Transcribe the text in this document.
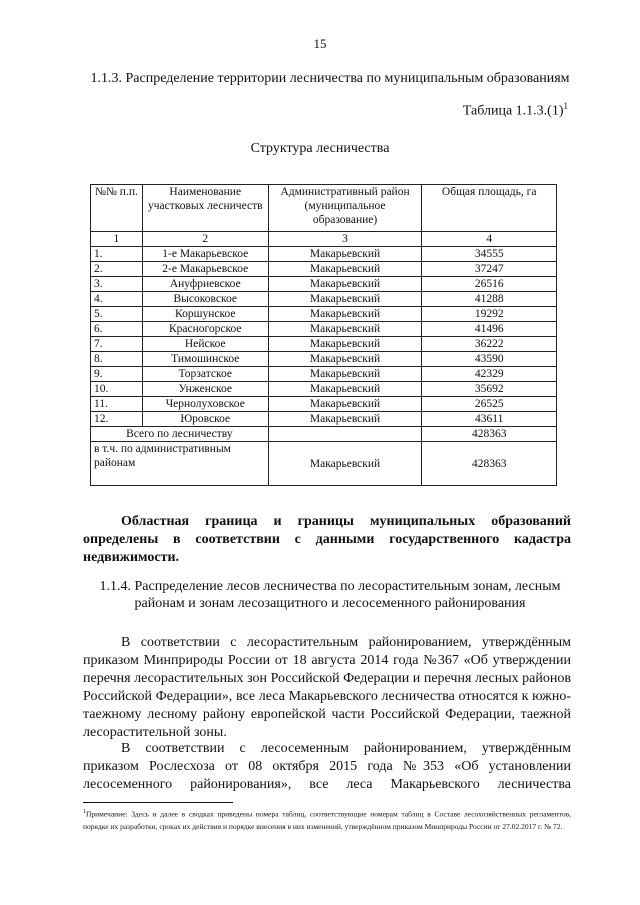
15
1.1.3. Распределение территории лесничества по муниципальным образованиям
Таблица $1.1.3.(1)^1$
Структура лесничества
№№ п.п.	Наименование участковых лесничеств	Административный район (муниципальное образование)	Общая площадь, га
1	2	3	4
1.	1-е Макарьевское	Макарьевский	34555
2.	2-е Макарьевское	Макарьевский	37247
3.	Ануфриевское	Макарьевский	26516
4.	Высоковское	Макарьевский	41288
5.	Коршунское	Макарьевский	19292
6.	Красногорское	Макарьевский	41496
7.	Нейское	Макарьевский	36222
8.	Тимошинское	Макарьевский	43590
9.	Торзатское	Макарьевский	42329
10.	Унженское	Макарьевский	35692
11.	Чернолуховское	Макарьевский	26525
12.	Юровское	Макарьевский	43611
Всего по лесничеству			428363
в т.ч. по административным районам		Макарьевский	428363
Областная граница и границы муниципальных образований определены в соответствии с данными государственного кадастра недвижимости.
1.1.4. Распределение лесов лесничества по лесорастительным зонам, лесным районам и зонам лесозащитного и лесосеменного районирования
В соответствии с лесорастительным районированием, утверждённым приказом Минприроды России от 18 августа 2014 года №367 «Об утверждении перечня лесорастительных зон Российской Федерации и перечня лесных районов Российской Федерации», все леса Макарьевского лесничества относятся к южно-таежному лесному району европейской части Российской Федерации, таежной лесорастительной зоны.
В соответствии с лесосеменным районированием, утверждённым приказом Рослесхоза от 08 октября 2015 года №353 «Об установлении лесосеменного районирования», все леса Макарьевского лесничества
$^1$Примечание: Здесь и далее в сводках приведены номера таблиц, соответствующие номерам таблиц в Составе лесохозяйственных регламентов, порядке их разработки, сроках их действия и порядке внесения в них изменений, утверждённом приказом Минприроды России от 27.02.2017 г. № 72.
